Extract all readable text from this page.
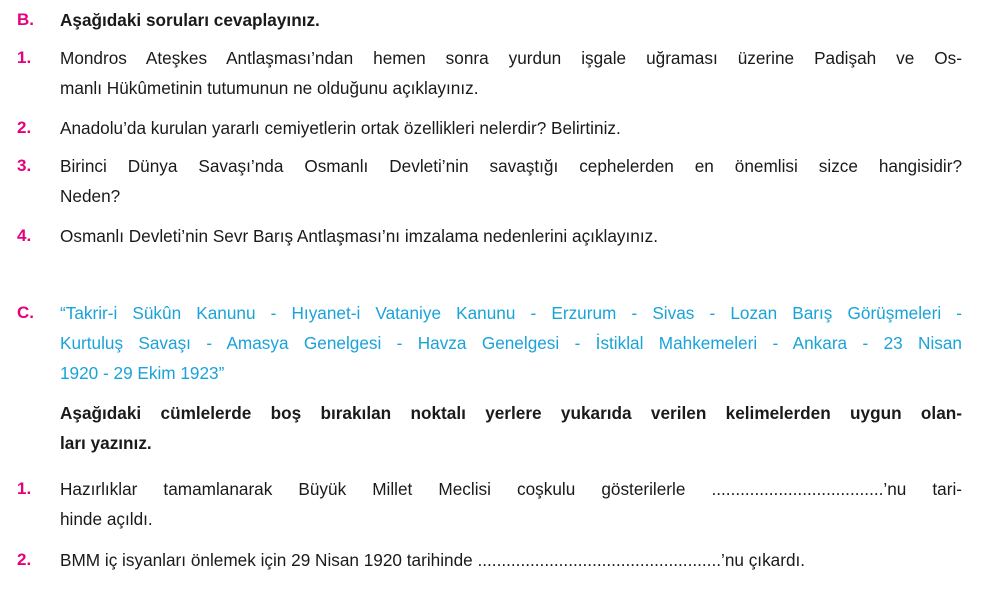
B. Aşağıdaki soruları cevaplayınız.
1. Mondros Ateşkes Antlaşması’ndan hemen sonra yurdun işgale uğraması üzerine Padişah ve Os-
manlı Hükûmetinin tutumunun ne olduğunu açıklayınız.
2. Anadolu’da kurulan yararlı cemiyetlerin ortak özellikleri nelerdir? Belirtiniz.
3. Birinci Dünya Savaşı’nda Osmanlı Devleti’nin savaştığı cephelerden en önemlisi sizce hangisidir?
Neden?
4. Osmanlı Devleti’nin Sevr Barış Antlaşması’nı imzalama nedenlerini açıklayınız.
C. “Takrir-i Sükûn Kanunu - Hıyanet-i Vataniye Kanunu - Erzurum - Sivas - Lozan Barış Görüşmeleri -
Kurtuluş Savaşı - Amasya Genelgesi - Havza Genelgesi - İstiklal Mahkemeleri - Ankara - 23 Nisan
1920 - 29 Ekim 1923”
Aşağıdaki cümlelerde boş bırakılan noktalı yerlere yukarıda verilen kelimelerden uygun olan-
ları yazınız.
1. Hazırlıklar tamamlanarak Büyük Millet Meclisi coşkulu gösterilerle ....................................’nu tari-
hinde açıldı.
2. BMM iç isyanları önlemek için 29 Nisan 1920 tarihinde ...................................................’nu çıkardı.
